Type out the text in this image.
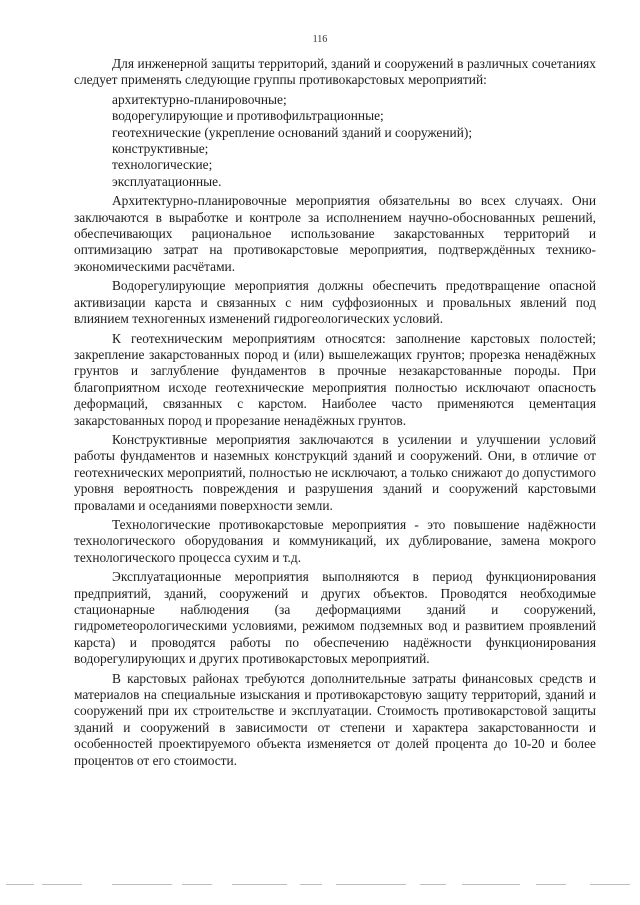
116

Для инженерной защиты территорий, зданий и сооружений в различных сочетаниях следует применять следующие группы противокарстовых мероприятий:

архитектурно-планировочные;
водорегулирующие и противофильтрационные;
геотехнические (укрепление оснований зданий и сооружений);
конструктивные;
технологические;
эксплуатационные.

Архитектурно-планировочные мероприятия обязательны во всех случаях. Они заключаются в выработке и контроле за исполнением научно-обоснованных решений, обеспечивающих рациональное использование закарстованных территорий и оптимизацию затрат на противокарстовые мероприятия, подтверждённых технико-экономическими расчётами.

Водорегулирующие мероприятия должны обеспечить предотвращение опасной активизации карста и связанных с ним суффозионных и провальных явлений под влиянием техногенных изменений гидрогеологических условий.

К геотехническим мероприятиям относятся: заполнение карстовых полостей; закрепление закарстованных пород и (или) вышележащих грунтов; прорезка ненадёжных грунтов и заглубление фундаментов в прочные незакарстованные породы. При благоприятном исходе геотехнические мероприятия полностью исключают опасность деформаций, связанных с карстом. Наиболее часто применяются цементация закарстованных пород и прорезание ненадёжных грунтов.

Конструктивные мероприятия заключаются в усилении и улучшении условий работы фундаментов и наземных конструкций зданий и сооружений. Они, в отличие от геотехнических мероприятий, полностью не исключают, а только снижают до допустимого уровня вероятность повреждения и разрушения зданий и сооружений карстовыми провалами и оседаниями поверхности земли.

Технологические противокарстовые мероприятия - это повышение надёжности технологического оборудования и коммуникаций, их дублирование, замена мокрого технологического процесса сухим и т.д.

Эксплуатационные мероприятия выполняются в период функционирования предприятий, зданий, сооружений и других объектов. Проводятся необходимые стационарные наблюдения (за деформациями зданий и сооружений, гидрометеорологическими условиями, режимом подземных вод и развитием проявлений карста) и проводятся работы по обеспечению надёжности функционирования водорегулирующих и других противокарстовых мероприятий.

В карстовых районах требуются дополнительные затраты финансовых средств и материалов на специальные изыскания и противокарстовую защиту территорий, зданий и сооружений при их строительстве и эксплуатации. Стоимость противокарстовой защиты зданий и сооружений в зависимости от степени и характера закарстованности и особенностей проектируемого объекта изменяется от долей процента до 10-20 и более процентов от его стоимости.
